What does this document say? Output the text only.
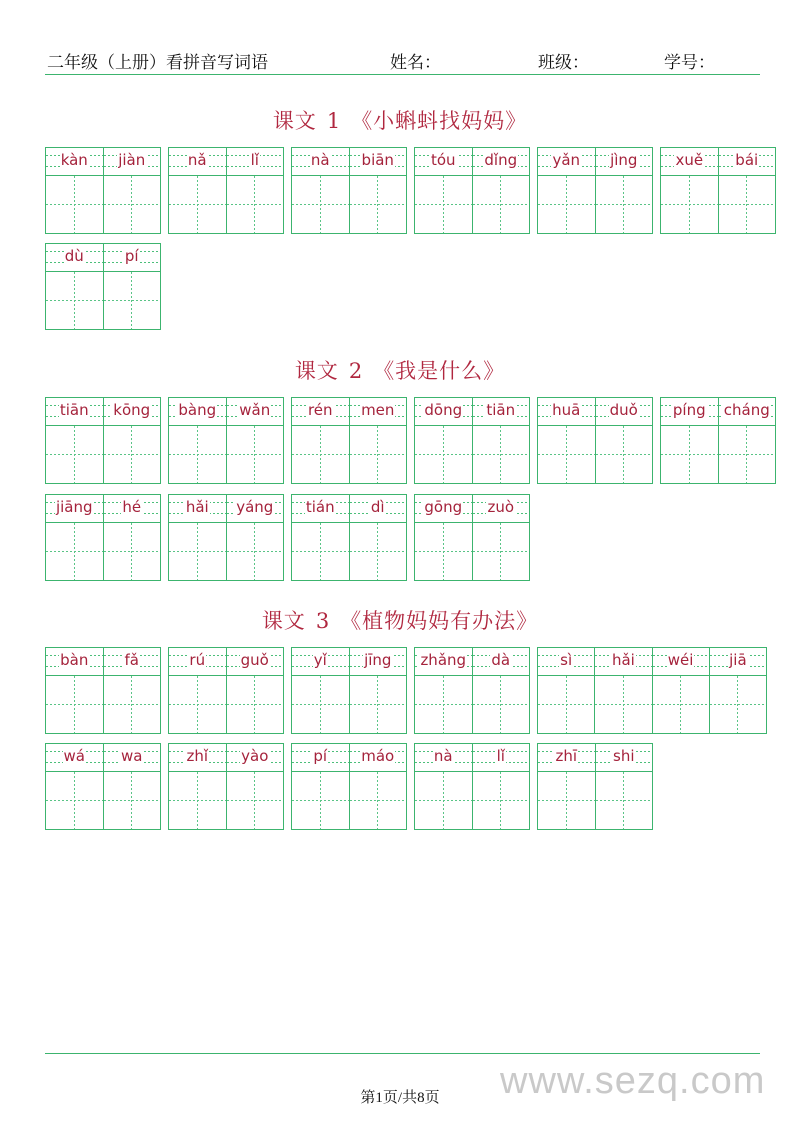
二年级（上册）看拼音写词语	姓名：	班级：	学号：
课文 1 《小蝌蚪找妈妈》
kàn	jiàn	nǎ	lǐ	nà	biān	tóu	dǐng	yǎn	jìng	xuě	bái
dù	pí
课文 2 《我是什么》
tiān	kōng	bàng	wǎn	rén	men	dōng	tiān	huā	duǒ	píng	cháng
jiāng	hé	hǎi	yáng	tián	dì	gōng	zuò
课文 3 《植物妈妈有办法》
bàn	fǎ	rú	guǒ	yǐ	jīng	zhǎng	dà	sì	hǎi	wéi	jiā
wá	wa	zhǐ	yào	pí	máo	nà	lǐ	zhī	shi
www.sezq.com
第1页/共8页
